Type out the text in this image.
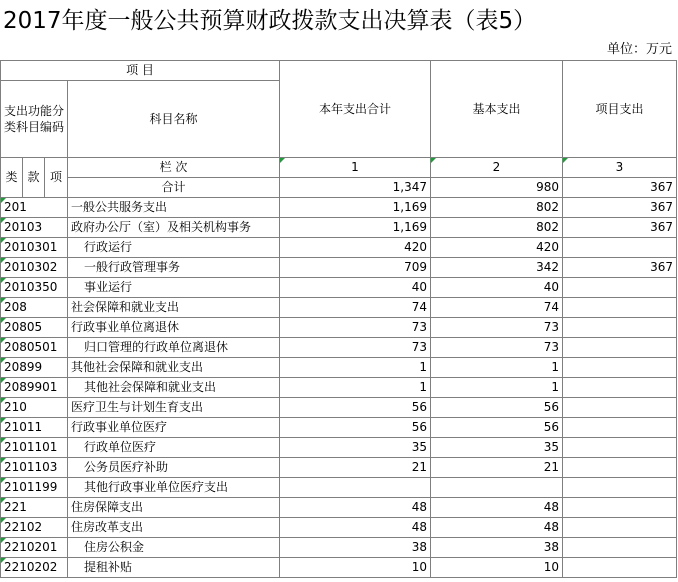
2017年度一般公共预算财政拨款支出决算表（表5）
单位：万元
项 目				本年支出合计	基本支出	项目支出
支出功能分类科目编码			科目名称			

类	款	项	栏 次	1	2	3
			合计	1,347	980	367
201			一般公共服务支出	1,169	802	367
20103			政府办公厅（室）及相关机构事务	1,169	802	367
2010301			行政运行	420	420	
2010302			一般行政管理事务	709	342	367
2010350			事业运行	40	40	
208			社会保障和就业支出	74	74	
20805			行政事业单位离退休	73	73	
2080501			归口管理的行政单位离退休	73	73	
20899			其他社会保障和就业支出	1	1	
2089901			其他社会保障和就业支出	1	1	
210			医疗卫生与计划生育支出	56	56	
21011			行政事业单位医疗	56	56	
2101101			行政单位医疗	35	35	
2101103			公务员医疗补助	21	21	
2101199			其他行政事业单位医疗支出			
221			住房保障支出	48	48	
22102			住房改革支出	48	48	
2210201			住房公积金	38	38	
2210202			提租补贴	10	10	
